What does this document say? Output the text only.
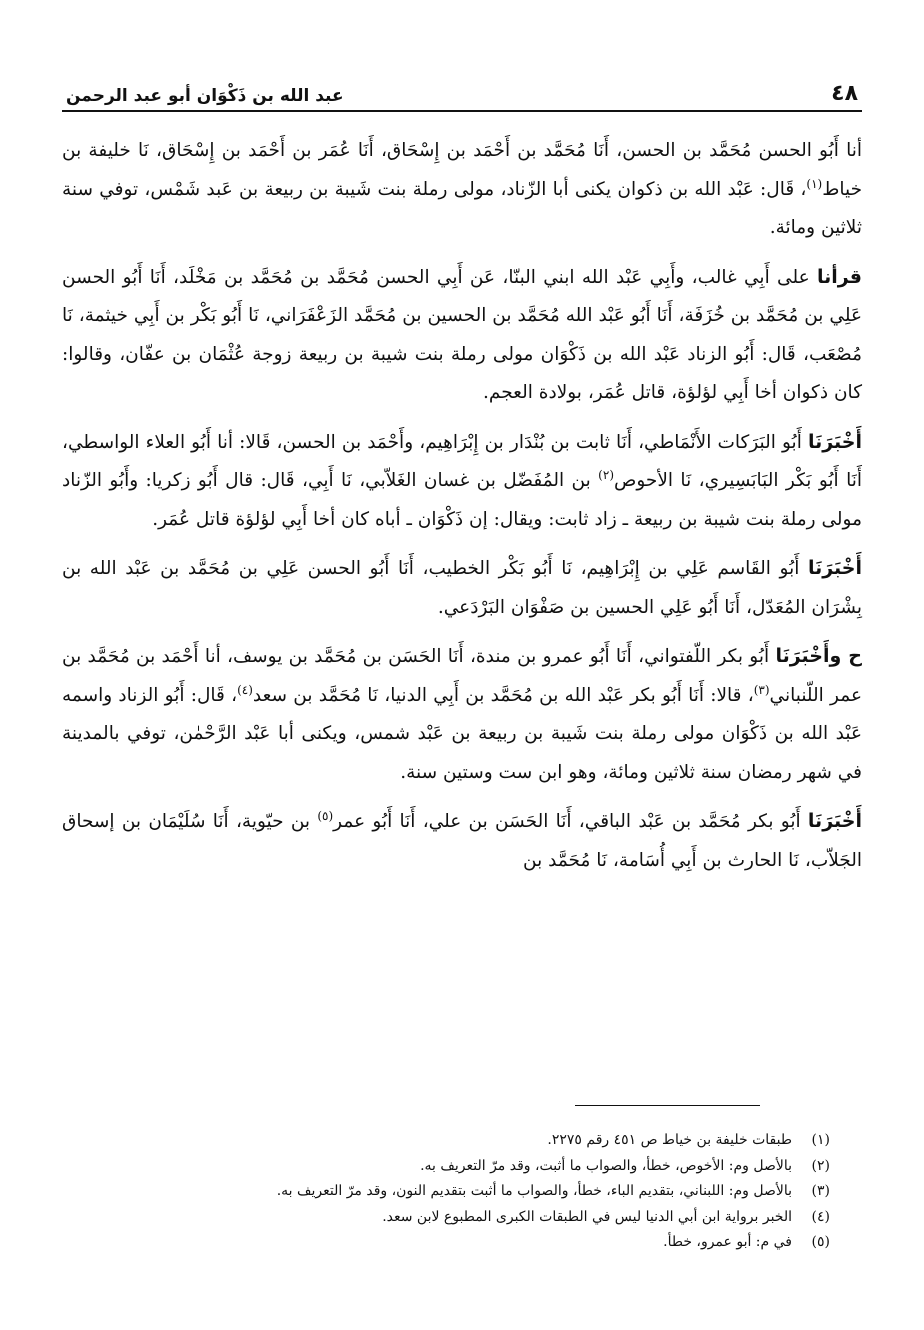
٤٨
عبد الله بن ذَكْوَان أبو عبد الرحمن

أنا أَبُو الحسن مُحَمَّد بن الحسن، أَنَا مُحَمَّد بن أَحْمَد بن إِسْحَاق، أَنَا عُمَر بن أَحْمَد بن إِسْحَاق، نَا خليفة بن خياط$^{(١)}$، قَال: عَبْد الله بن ذكوان يكنى أبا الزّناد، مولى رملة بنت شَيبة بن ربيعة بن عَبد شَمْس، توفي سنة ثلاثين ومائة.

قرأنا على أَبِي غالب، وأَبِي عَبْد الله ابني البنّا، عَن أَبِي الحسن مُحَمَّد بن مُحَمَّد بن مَخْلَد، أَنَا أَبُو الحسن عَلِي بن مُحَمَّد بن خُزَفَة، أَنَا أَبُو عَبْد الله مُحَمَّد بن الحسين بن مُحَمَّد الزَعْفَرَاني، نَا أَبُو بَكْر بن أَبِي خيثمة، نَا مُصْعَب، قَال: أَبُو الزناد عَبْد الله بن ذَكْوَان مولى رملة بنت شيبة بن ربيعة زوجة عُثْمَان بن عفّان، وقالوا: كان ذكوان أخا أَبِي لؤلؤة، قاتل عُمَر، بولادة العجم.

أَخْبَرَنَا أَبُو البَرَكات الأَنْمَاطي، أَنَا ثابت بن بُنْدَار بن إِبْرَاهِيم، وأَحْمَد بن الحسن، قَالا: أنا أَبُو العلاء الواسطي، أَنَا أَبُو بَكْر البَابَسِيري، نَا الأحوص$^{(٢)}$ بن المُفَضّل بن غسان الغَلاّبي، نَا أَبِي، قَال: قال أَبُو زكريا: وأَبُو الزّناد مولى رملة بنت شيبة بن ربيعة ـ زاد ثابت: ويقال: إن ذَكْوَان ـ أباه كان أخا أَبِي لؤلؤة قاتل عُمَر.

أَخْبَرَنَا أَبُو القَاسم عَلِي بن إِبْرَاهِيم، نَا أَبُو بَكْر الخطيب، أَنَا أَبُو الحسن عَلِي بن مُحَمَّد بن عَبْد الله بن بِشْرَان المُعَدّل، أَنَا أَبُو عَلِي الحسين بن صَفْوَان البَرْدَعي.

ح وأَخْبَرَنَا أَبُو بكر اللّفتواني، أَنَا أَبُو عمرو بن مندة، أَنَا الحَسَن بن مُحَمَّد بن يوسف، أنا أَحْمَد بن مُحَمَّد بن عمر اللّنباني$^{(٣)}$، قالا: أَنَا أَبُو بكر عَبْد الله بن مُحَمَّد بن أَبِي الدنيا، نَا مُحَمَّد بن سعد$^{(٤)}$، قَال: أَبُو الزناد واسمه عَبْد الله بن ذَكْوَان مولى رملة بنت شَيبة بن ربيعة بن عَبْد شمس، ويكنى أبا عَبْد الرَّحْمٰن، توفي بالمدينة في شهر رمضان سنة ثلاثين ومائة، وهو ابن ست وستين سنة.

أَخْبَرَنَا أَبُو بكر مُحَمَّد بن عَبْد الباقي، أَنَا الحَسَن بن علي، أَنَا أَبُو عمر$^{(٥)}$ بن حيّوية، أَنَا سُلَيْمَان بن إسحاق الجَلاّب، نَا الحارث بن أَبِي أُسَامة، نَا مُحَمَّد بن

(١)
طبقات خليفة بن خياط ص ٤٥١ رقم ٢٢٧٥.
(٢)
بالأصل وم: الأخوص، خطأ، والصواب ما أثبت، وقد مرّ التعريف به.
(٣)
بالأصل وم: اللبناني، بتقديم الباء، خطأ، والصواب ما أثبت بتقديم النون، وقد مرّ التعريف به.
(٤)
الخبر برواية ابن أبي الدنيا ليس في الطبقات الكبرى المطبوع لابن سعد.
(٥)
في م: أبو عمرو، خطأ.
